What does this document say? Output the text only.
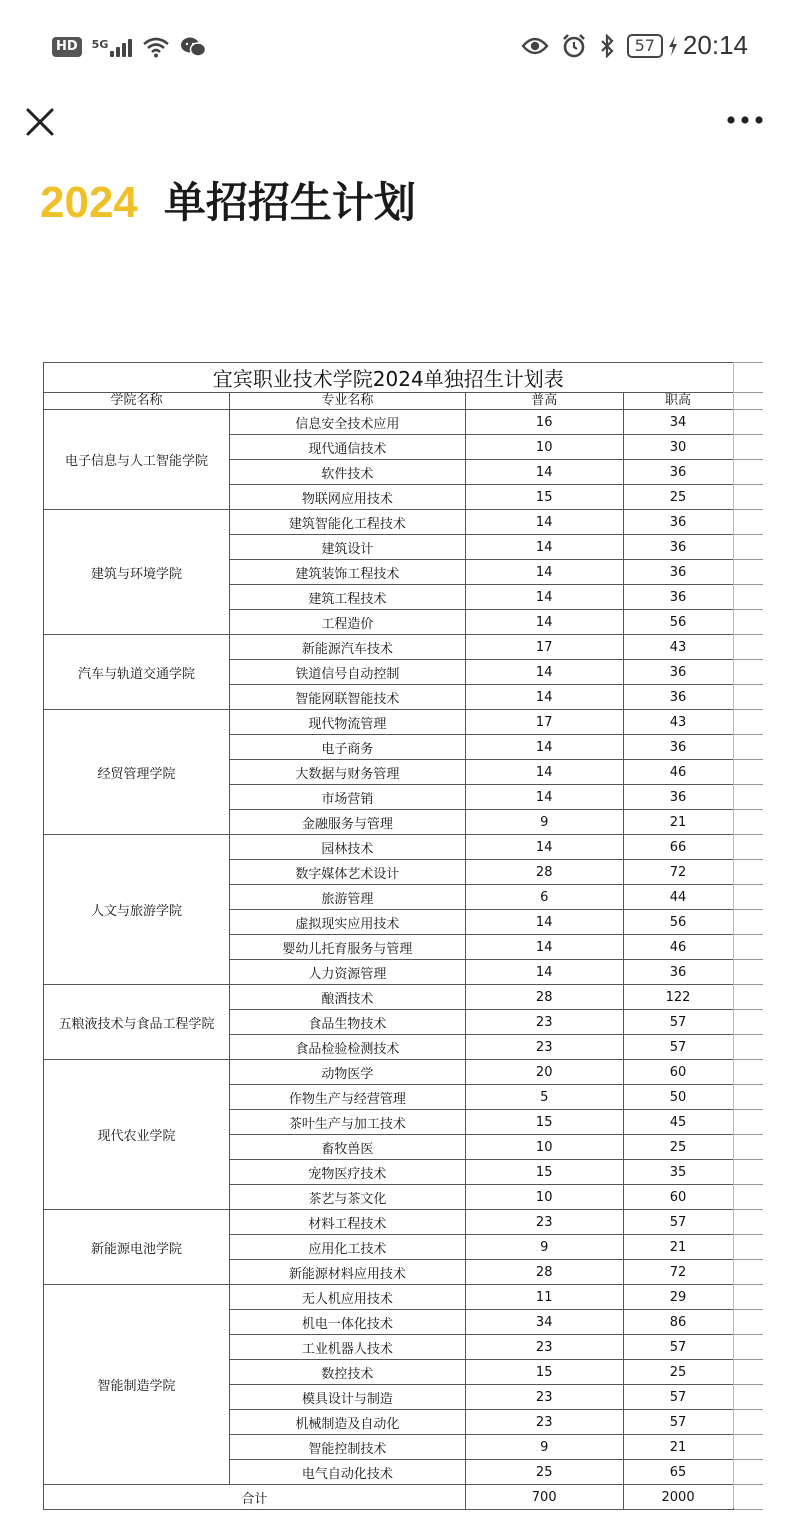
HD	5G	57	20:14
2024 单招招生计划
宜宾职业技术学院2024单独招生计划表				
学院名称	专业名称	普高	职高	
电子信息与人工智能学院	信息安全技术应用	16	34	
	现代通信技术	10	30	
	软件技术	14	36	
	物联网应用技术	15	25	
建筑与环境学院	建筑智能化工程技术	14	36	
	建筑设计	14	36	
	建筑装饰工程技术	14	36	
	建筑工程技术	14	36	
	工程造价	14	56	
汽车与轨道交通学院	新能源汽车技术	17	43	
	铁道信号自动控制	14	36	
	智能网联智能技术	14	36	
经贸管理学院	现代物流管理	17	43	
	电子商务	14	36	
	大数据与财务管理	14	46	
	市场营销	14	36	
	金融服务与管理	9	21	
人文与旅游学院	园林技术	14	66	
	数字媒体艺术设计	28	72	
	旅游管理	6	44	
	虚拟现实应用技术	14	56	
	婴幼儿托育服务与管理	14	46	
	人力资源管理	14	36	
五粮液技术与食品工程学院	酿酒技术	28	122	
	食品生物技术	23	57	
	食品检验检测技术	23	57	
现代农业学院	动物医学	20	60	
	作物生产与经营管理	5	50	
	茶叶生产与加工技术	15	45	
	畜牧兽医	10	25	
	宠物医疗技术	15	35	
	茶艺与茶文化	10	60	
新能源电池学院	材料工程技术	23	57	
	应用化工技术	9	21	
	新能源材料应用技术	28	72	
智能制造学院	无人机应用技术	11	29	
	机电一体化技术	34	86	
	工业机器人技术	23	57	
	数控技术	15	25	
	模具设计与制造	23	57	
	机械制造及自动化	23	57	
	智能控制技术	9	21	
	电气自动化技术	25	65	
合计		700	2000	
